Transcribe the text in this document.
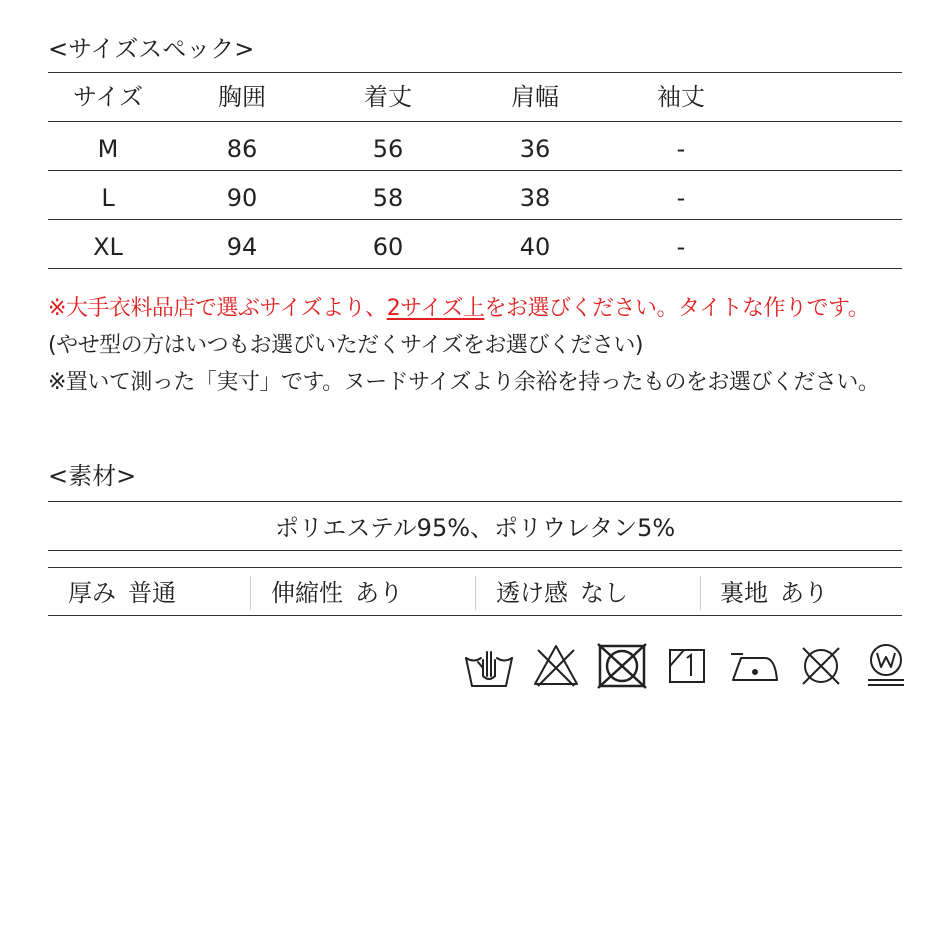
<サイズスペック>
サイズ	胸囲	着丈	肩幅	袖丈
M	86	56	36	-
L	90	58	38	-
XL	94	60	40	-
※大手衣料品店で選ぶサイズより、2サイズ上をお選びください。タイトな作りです。
(やせ型の方はいつもお選びいただくサイズをお選びください)
※置いて測った「実寸」です。ヌードサイズより余裕を持ったものをお選びください。
<素材>
ポリエステル95%、ポリウレタン5%
厚み 普通	伸縮性 あり	透け感 なし	裏地 あり
